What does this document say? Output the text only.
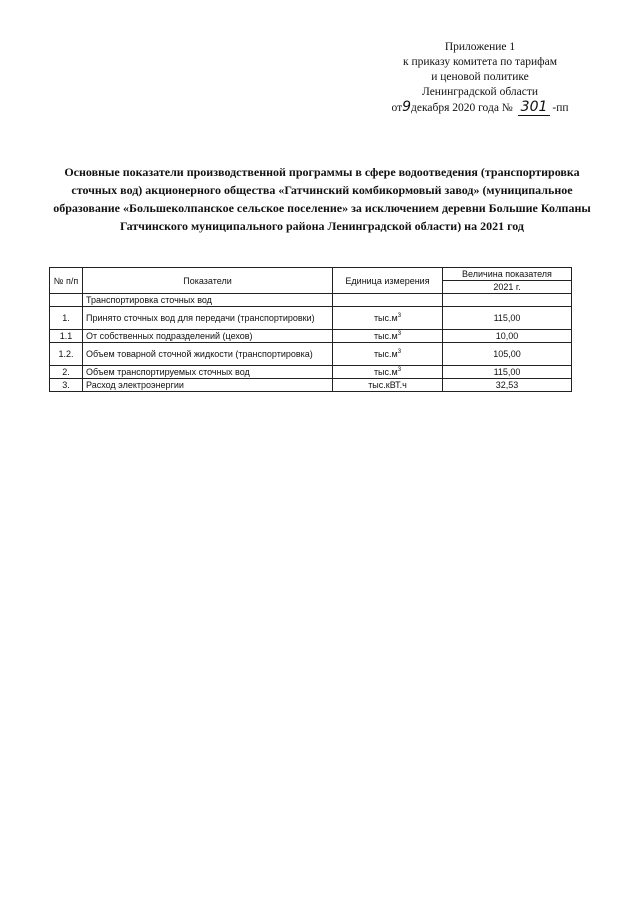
Приложение 1
к приказу комитета по тарифам
и ценовой политике
Ленинградской области
от9декабря 2020 года № 301 -пп
Основные показатели производственной программы в сфере водоотведения (транспортировка сточных вод) акционерного общества «Гатчинский комбикормовый завод» (муниципальное образование «Большеколпанское сельское поселение» за исключением деревни Большие Колпаны Гатчинского муниципального района Ленинградской области) на 2021 год
№ п/п	Показатели	Единица измерения	Величина показателя
			2021 г.
	Транспортировка сточных вод		
1.	Принято сточных вод для передачи (транспортировки)	$тыс.м^3$	115,00
1.1	От собственных подразделений (цехов)	$тыс.м^3$	10,00
1.2.	Объем товарной сточной жидкости (транспортировка)	$тыс.м^3$	105,00
2.	Объем транспортируемых сточных вод	$тыс.м^3$	115,00
3.	Расход электроэнергии	тыс.кВТ.ч	32,53
